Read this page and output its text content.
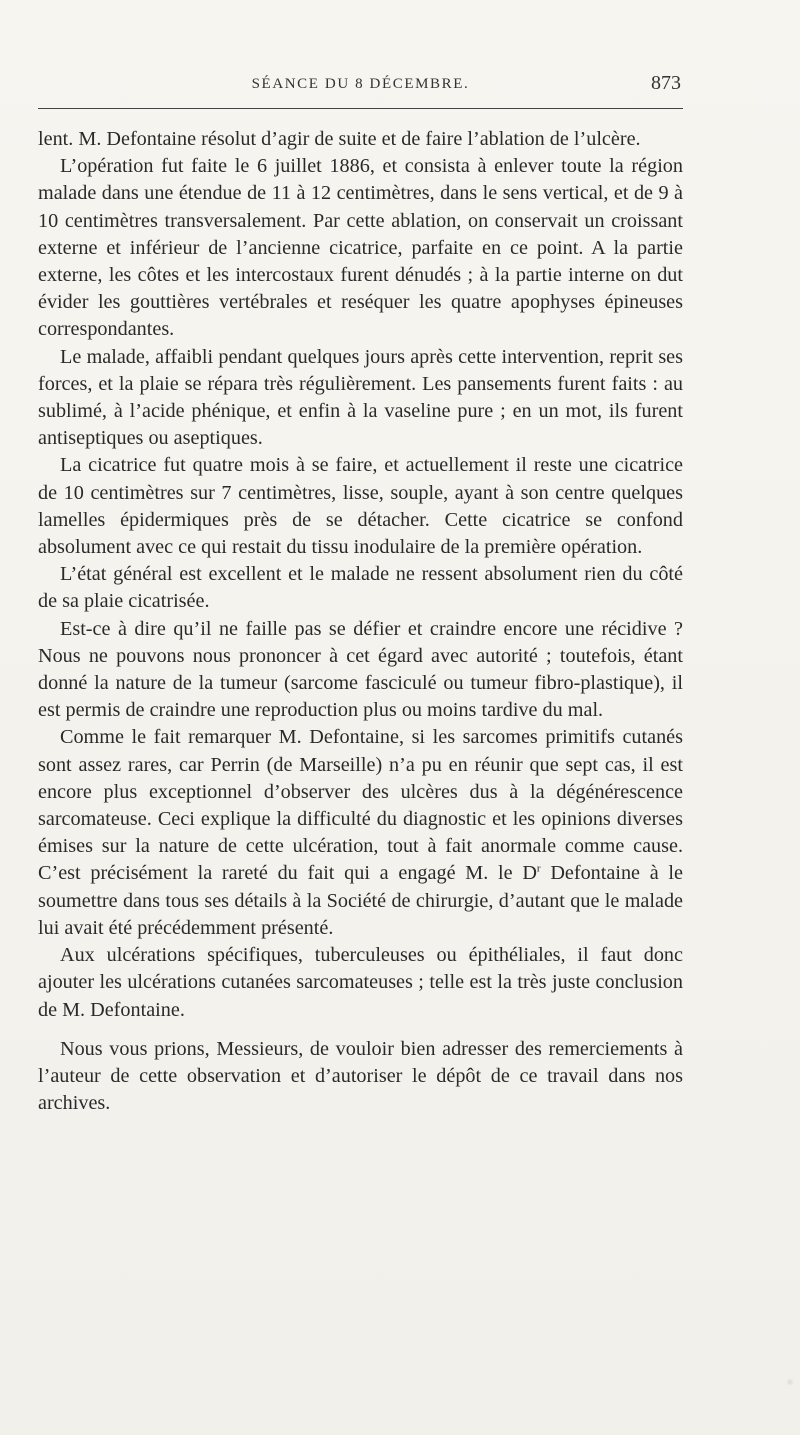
SÉANCE DU 8 DÉCEMBRE.	873

lent. M. Defontaine résolut d’agir de suite et de faire l’ablation de l’ulcère.

L’opération fut faite le 6 juillet 1886, et consista à enlever toute la région malade dans une étendue de 11 à 12 centimètres, dans le sens vertical, et de 9 à 10 centimètres transversalement. Par cette ablation, on conservait un croissant externe et inférieur de l’ancienne cicatrice, parfaite en ce point. A la partie externe, les côtes et les intercostaux furent dénudés ; à la partie interne on dut évider les gouttières vertébrales et reséquer les quatre apophyses épineuses correspondantes.

Le malade, affaibli pendant quelques jours après cette intervention, reprit ses forces, et la plaie se répara très régulièrement. Les pansements furent faits : au sublimé, à l’acide phénique, et enfin à la vaseline pure ; en un mot, ils furent antiseptiques ou aseptiques.

La cicatrice fut quatre mois à se faire, et actuellement il reste une cicatrice de 10 centimètres sur 7 centimètres, lisse, souple, ayant à son centre quelques lamelles épidermiques près de se détacher. Cette cicatrice se confond absolument avec ce qui restait du tissu inodulaire de la première opération.

L’état général est excellent et le malade ne ressent absolument rien du côté de sa plaie cicatrisée.

Est-ce à dire qu’il ne faille pas se défier et craindre encore une récidive ? Nous ne pouvons nous prononcer à cet égard avec autorité ; toutefois, étant donné la nature de la tumeur (sarcome fasciculé ou tumeur fibro-plastique), il est permis de craindre une reproduction plus ou moins tardive du mal.

Comme le fait remarquer M. Defontaine, si les sarcomes primitifs cutanés sont assez rares, car Perrin (de Marseille) n’a pu en réunir que sept cas, il est encore plus exceptionnel d’observer des ulcères dus à la dégénérescence sarcomateuse. Ceci explique la difficulté du diagnostic et les opinions diverses émises sur la nature de cette ulcération, tout à fait anormale comme cause. C’est précisément la rareté du fait qui a engagé M. le $D^r$ Defontaine à le soumettre dans tous ses détails à la Société de chirurgie, d’autant que le malade lui avait été précédemment présenté.

Aux ulcérations spécifiques, tuberculeuses ou épithéliales, il faut donc ajouter les ulcérations cutanées sarcomateuses ; telle est la très juste conclusion de M. Defontaine.

Nous vous prions, Messieurs, de vouloir bien adresser des remerciements à l’auteur de cette observation et d’autoriser le dépôt de ce travail dans nos archives.
